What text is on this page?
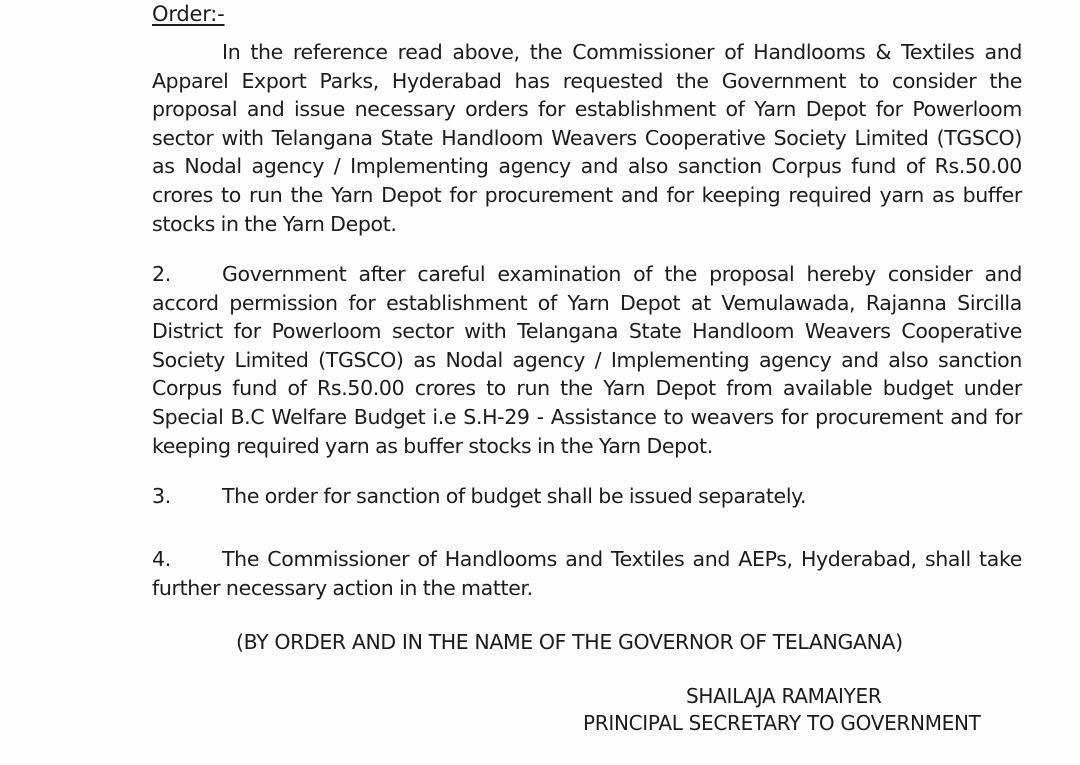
Order:-

In the reference read above, the Commissioner of Handlooms & Textiles and Apparel Export Parks, Hyderabad has requested the Government to consider the proposal and issue necessary orders for establishment of Yarn Depot for Powerloom sector with Telangana State Handloom Weavers Cooperative Society Limited (TGSCO) as Nodal agency / Implementing agency and also sanction Corpus fund of Rs.50.00 crores to run the Yarn Depot for procurement and for keeping required yarn as buffer stocks in the Yarn Depot.

2. Government after careful examination of the proposal hereby consider and accord permission for establishment of Yarn Depot at Vemulawada, Rajanna Sircilla District for Powerloom sector with Telangana State Handloom Weavers Cooperative Society Limited (TGSCO) as Nodal agency / Implementing agency and also sanction Corpus fund of Rs.50.00 crores to run the Yarn Depot from available budget under Special B.C Welfare Budget i.e S.H-29 - Assistance to weavers for procurement and for keeping required yarn as buffer stocks in the Yarn Depot.

3. The order for sanction of budget shall be issued separately.

4. The Commissioner of Handlooms and Textiles and AEPs, Hyderabad, shall take further necessary action in the matter.

(BY ORDER AND IN THE NAME OF THE GOVERNOR OF TELANGANA)

SHAILAJA RAMAIYER

PRINCIPAL SECRETARY TO GOVERNMENT
